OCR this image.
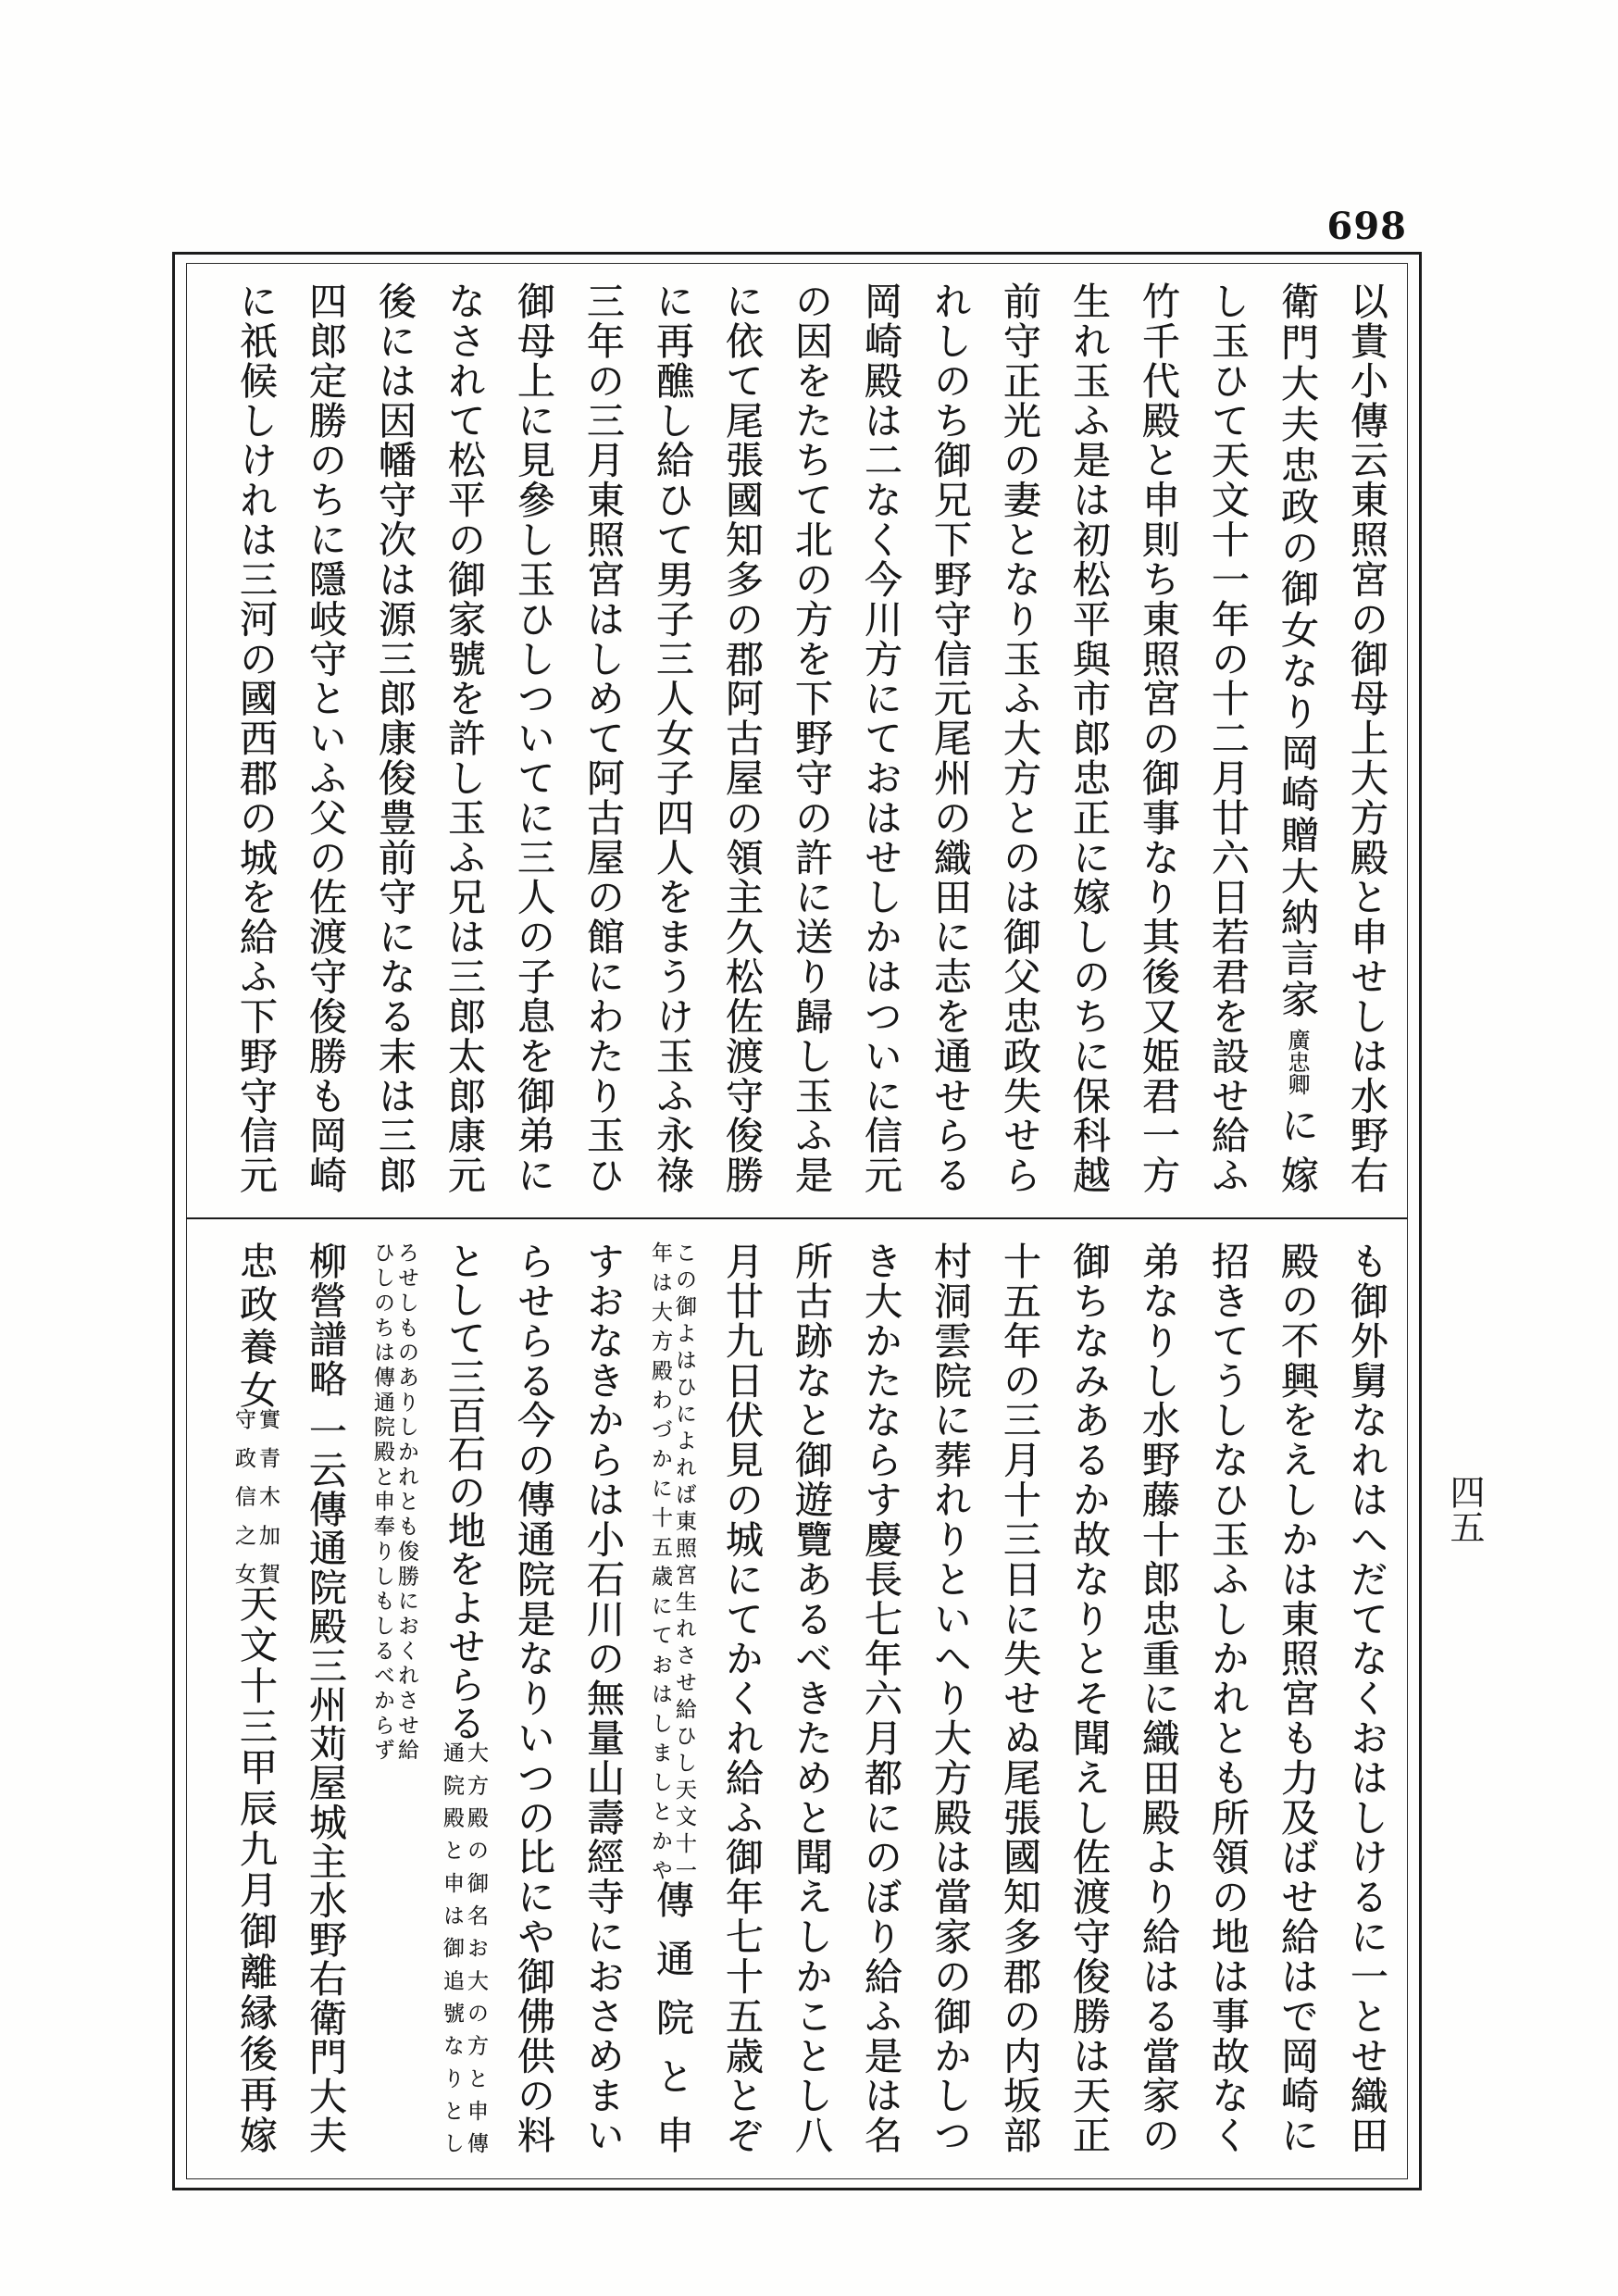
698
四五
以貴小傳云東照宮の御母上大方殿と申せしは水野右
衛門大夫忠政の御女なり岡崎贈大納言家
廣忠卿
に嫁
し玉ひて天文十一年の十二月廿六日若君を設せ給ふ
竹千代殿と申則ち東照宮の御事なり其後又姫君一方
生れ玉ふ是は初松平與市郎忠正に嫁しのちに保科越
前守正光の妻となり玉ふ大方とのは御父忠政失せら
れしのち御兄下野守信元尾州の織田に志を通せらる
岡崎殿は二なく今川方にておはせしかはついに信元
の因をたちて北の方を下野守の許に送り歸し玉ふ是
に依て尾張國知多の郡阿古屋の領主久松佐渡守俊勝
に再醮し給ひて男子三人女子四人をまうけ玉ふ永祿
三年の三月東照宮はしめて阿古屋の館にわたり玉ひ
御母上に見參し玉ひしついてに三人の子息を御弟に
なされて松平の御家號を許し玉ふ兄は三郎太郎康元
後には因幡守次は源三郎康俊豊前守になる末は三郎
四郎定勝のちに隱岐守といふ父の佐渡守俊勝も岡崎
に祇候しけれは三河の國西郡の城を給ふ下野守信元
も御外舅なれはへだてなくおはしけるに一とせ織田
殿の不興をえしかは東照宮も力及ばせ給はで岡崎に
招きてうしなひ玉ふしかれとも所領の地は事故なく
弟なりし水野藤十郎忠重に織田殿より給はる當家の
御ちなみあるか故なりとそ聞えし佐渡守俊勝は天正
十五年の三月十三日に失せぬ尾張國知多郡の内坂部
村洞雲院に葬れりといへり大方殿は當家の御かしつ
き大かたならす慶長七年六月都にのぼり給ふ是は名
所古跡なと御遊覽あるべきためと聞えしかことし八
月廿九日伏見の城にてかくれ給ふ御年七十五歳とぞ
この御よはひによれば東照宮生れさせ給ひし天文十一
年は大方殿わづかに十五歳にておはしましとかや
傳通院と申
すおなきからは小石川の無量山壽經寺におさめまい
らせらる今の傳通院是なりいつの比にや御佛供の料
として三百石の地をよせらる
大方殿の御名お大の方と申傳
通院殿と申は御追號なりとし
ろせしものありしかれとも俊勝におくれさせ給
ひしのちは傳通院殿と申奉りしもしるべからず
柳營譜略 一云傳通院殿三州苅屋城主水野右衛門大夫
忠政養女
實青木加賀
守政信之女
天文十三甲辰九月御離縁後再嫁
